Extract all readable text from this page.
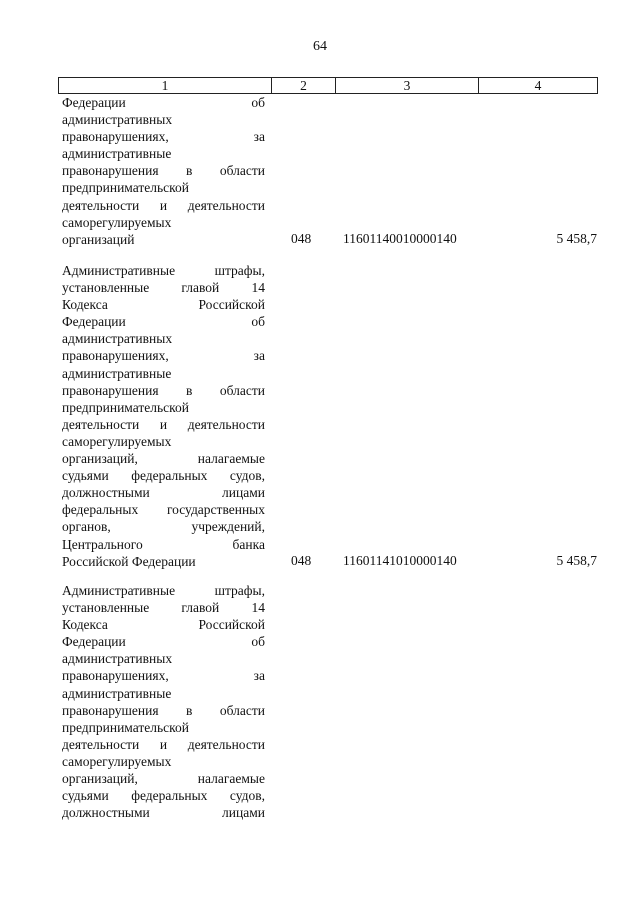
64
1	2	3	4
Федерации об
административных
правонарушениях, за
административные
правонарушения в области
предпринимательской
деятельности и деятельности
саморегулируемых
организаций	048	11601140010000140	5 458,7
Административные штрафы,
установленные главой 14
Кодекса Российской
Федерации об
административных
правонарушениях, за
административные
правонарушения в области
предпринимательской
деятельности и деятельности
саморегулируемых
организаций, налагаемые
судьями федеральных судов,
должностными лицами
федеральных государственных
органов, учреждений,
Центрального банка
Российской Федерации	048	11601141010000140	5 458,7
Административные штрафы,
установленные главой 14
Кодекса Российской
Федерации об
административных
правонарушениях, за
административные
правонарушения в области
предпринимательской
деятельности и деятельности
саморегулируемых
организаций, налагаемые
судьями федеральных судов,
должностными лицами
